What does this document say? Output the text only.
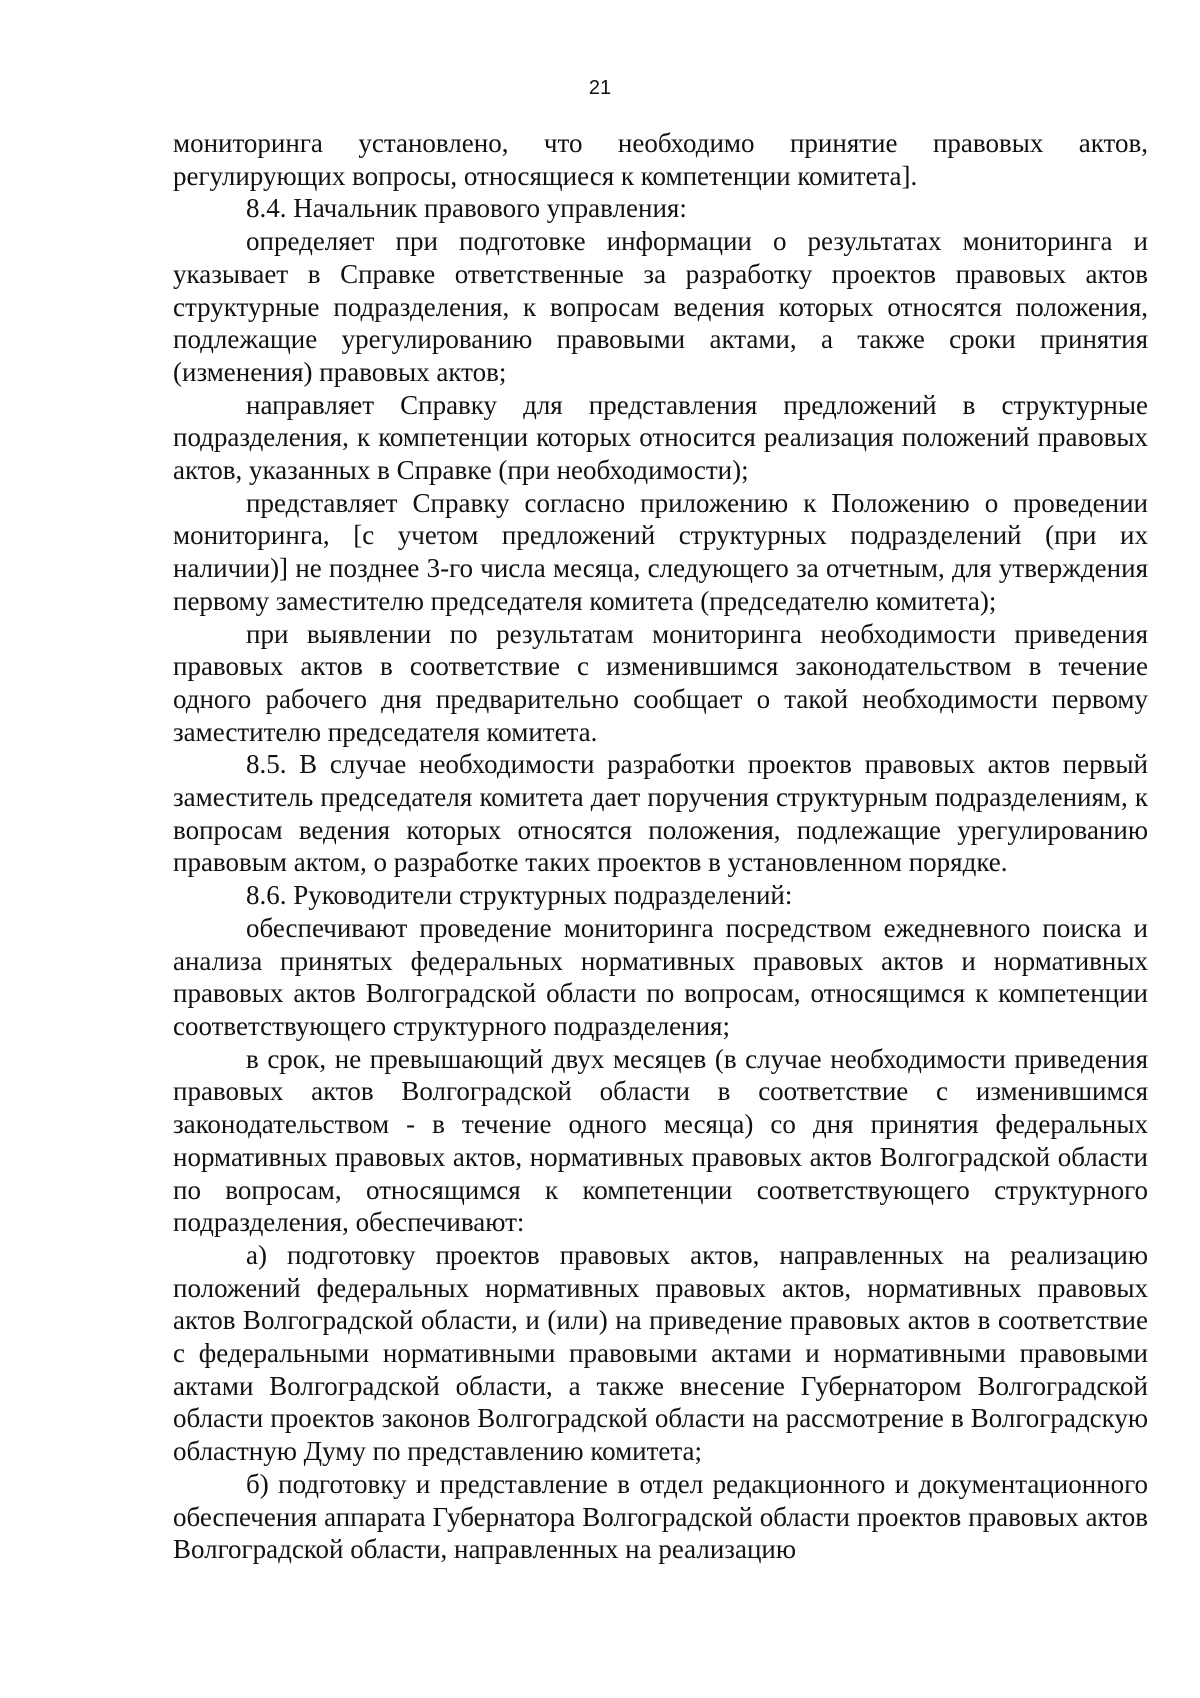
21

мониторинга установлено, что необходимо принятие правовых актов, регулирующих вопросы, относящиеся к компетенции комитета].

8.4. Начальник правового управления:

определяет при подготовке информации о результатах мониторинга и указывает в Справке ответственные за разработку проектов правовых актов структурные подразделения, к вопросам ведения которых относятся положения, подлежащие урегулированию правовыми актами, а также сроки принятия (изменения) правовых актов;

направляет Справку для представления предложений в структурные подразделения, к компетенции которых относится реализация положений правовых актов, указанных в Справке (при необходимости);

представляет Справку согласно приложению к Положению о проведении мониторинга, [с учетом предложений структурных подразделений (при их наличии)] не позднее 3-го числа месяца, следующего за отчетным, для утверждения первому заместителю председателя комитета (председателю комитета);

при выявлении по результатам мониторинга необходимости приведения правовых актов в соответствие с изменившимся законодательством в течение одного рабочего дня предварительно сообщает о такой необходимости первому заместителю председателя комитета.

8.5. В случае необходимости разработки проектов правовых актов первый заместитель председателя комитета дает поручения структурным подразделениям, к вопросам ведения которых относятся положения, подлежащие урегулированию правовым актом, о разработке таких проектов в установленном порядке.

8.6. Руководители структурных подразделений:

обеспечивают проведение мониторинга посредством ежедневного поиска и анализа принятых федеральных нормативных правовых актов и нормативных правовых актов Волгоградской области по вопросам, относящимся к компетенции соответствующего структурного подразделения;

в срок, не превышающий двух месяцев (в случае необходимости приведения правовых актов Волгоградской области в соответствие с изменившимся законодательством - в течение одного месяца) со дня принятия федеральных нормативных правовых актов, нормативных правовых актов Волгоградской области по вопросам, относящимся к компетенции соответствующего структурного подразделения, обеспечивают:

а) подготовку проектов правовых актов, направленных на реализацию положений федеральных нормативных правовых актов, нормативных правовых актов Волгоградской области, и (или) на приведение правовых актов в соответствие с федеральными нормативными правовыми актами и нормативными правовыми актами Волгоградской области, а также внесение Губернатором Волгоградской области проектов законов Волгоградской области на рассмотрение в Волгоградскую областную Думу по представлению комитета;

б) подготовку и представление в отдел редакционного и документационного обеспечения аппарата Губернатора Волгоградской области проектов правовых актов Волгоградской области, направленных на реализацию
